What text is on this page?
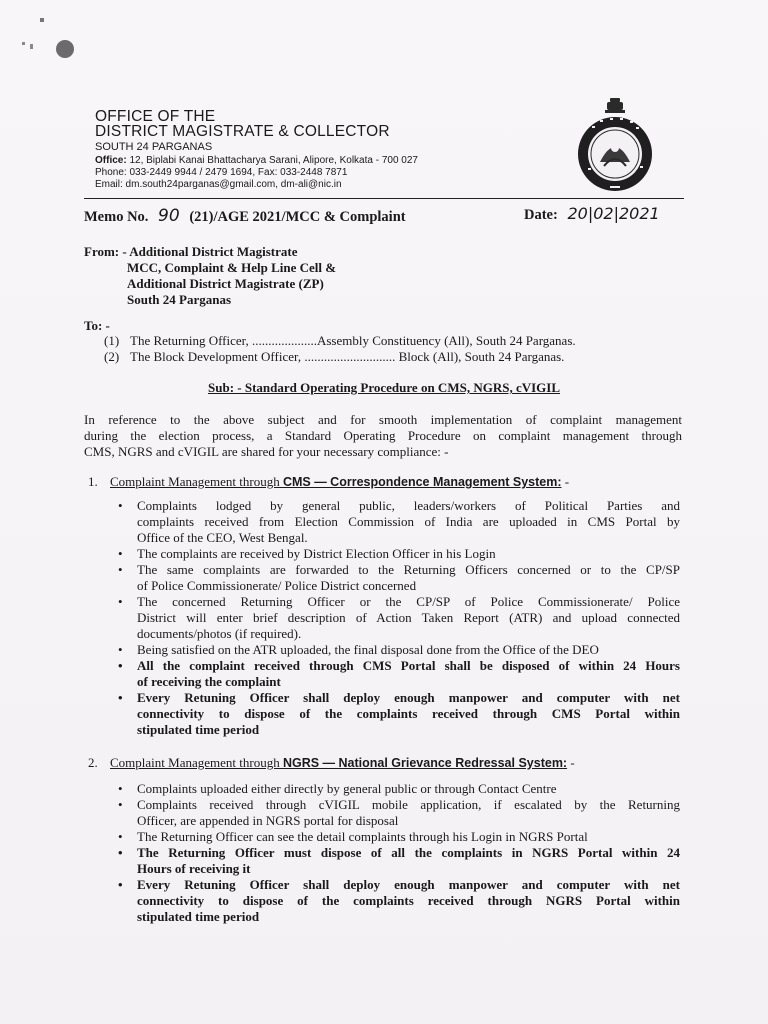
OFFICE OF THE
DISTRICT MAGISTRATE & COLLECTOR
SOUTH 24 PARGANAS
Office: 12, Biplabi Kanai Bhattacharya Sarani, Alipore, Kolkata - 700 027
Phone: 033-2449 9944 / 2479 1694, Fax: 033-2448 7871
Email: dm.south24parganas@gmail.com, dm-ali@nic.in
Memo No. 90 (21)/AGE 2021/MCC & Complaint	Date: 20|02|2021
From: - Additional District Magistrate
MCC, Complaint & Help Line Cell &
Additional District Magistrate (ZP)
South 24 Parganas
To: -
(1) The Returning Officer, ....................Assembly Constituency (All), South 24 Parganas.
(2) The Block Development Officer, ............................ Block (All), South 24 Parganas.
Sub: - Standard Operating Procedure on CMS, NGRS, cVIGIL
In reference to the above subject and for smooth implementation of complaint management
during the election process, a Standard Operating Procedure on complaint management through
CMS, NGRS and cVIGIL are shared for your necessary compliance: -
1. Complaint Management through CMS — Correspondence Management System: -
• Complaints lodged by general public, leaders/workers of Political Parties and
complaints received from Election Commission of India are uploaded in CMS Portal by
Office of the CEO, West Bengal.
• The complaints are received by District Election Officer in his Login
• The same complaints are forwarded to the Returning Officers concerned or to the CP/SP
of Police Commissionerate/ Police District concerned
• The concerned Returning Officer or the CP/SP of Police Commissionerate/ Police
District will enter brief description of Action Taken Report (ATR) and upload connected
documents/photos (if required).
• Being satisfied on the ATR uploaded, the final disposal done from the Office of the DEO
• All the complaint received through CMS Portal shall be disposed of within 24 Hours
of receiving the complaint
• Every Retuning Officer shall deploy enough manpower and computer with net
connectivity to dispose of the complaints received through CMS Portal within
stipulated time period
2. Complaint Management through NGRS — National Grievance Redressal System: -
• Complaints uploaded either directly by general public or through Contact Centre
• Complaints received through cVIGIL mobile application, if escalated by the Returning
Officer, are appended in NGRS portal for disposal
• The Returning Officer can see the detail complaints through his Login in NGRS Portal
• The Returning Officer must dispose of all the complaints in NGRS Portal within 24
Hours of receiving it
• Every Retuning Officer shall deploy enough manpower and computer with net
connectivity to dispose of the complaints received through NGRS Portal within
stipulated time period
